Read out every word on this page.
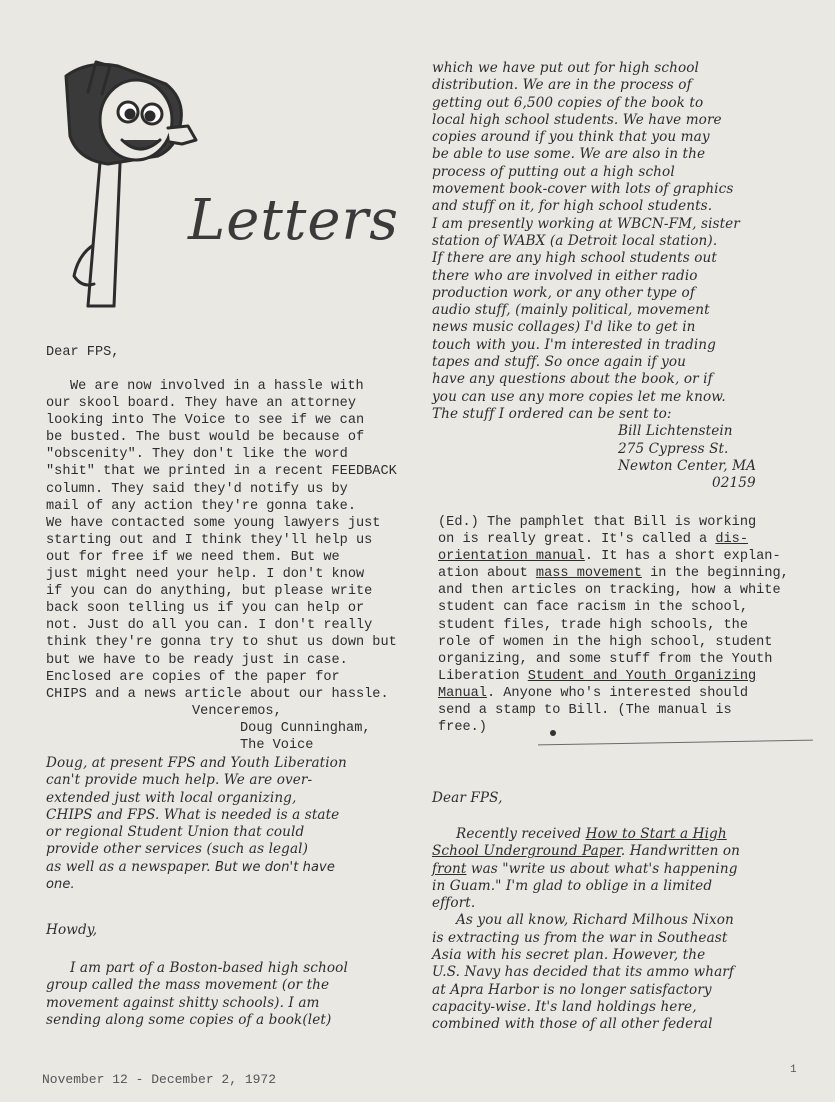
Letters

Dear FPS,

We are now involved in a hassle with

our skool board. They have an attorney

looking into The Voice to see if we can

be busted. The bust would be because of

"obscenity". They don't like the word

"shit" that we printed in a recent FEEDBACK

column. They said they'd notify us by

mail of any action they're gonna take.

We have contacted some young lawyers just

starting out and I think they'll help us

out for free if we need them. But we

just might need your help. I don't know

if you can do anything, but please write

back soon telling us if you can help or

not. Just do all you can. I don't really

think they're gonna try to shut us down but

but we have to be ready just in case.

Enclosed are copies of the paper for

CHIPS and a news article about our hassle.

Venceremos,

Doug Cunningham,

The Voice

Doug, at present FPS and Youth Liberation

can't provide much help. We are over-

extended just with local organizing,

CHIPS and FPS. What is needed is a state

or regional Student Union that could

provide other services (such as legal)

as well as a newspaper. But we don't have

one.

Howdy,

I am part of a Boston-based high school

group called the mass movement (or the

movement against shitty schools). I am

sending along some copies of a book(let)

which we have put out for high school

distribution. We are in the process of

getting out 6,500 copies of the book to

local high school students. We have more

copies around if you think that you may

be able to use some. We are also in the

process of putting out a high schol

movement book-cover with lots of graphics

and stuff on it, for high school students.

I am presently working at WBCN-FM, sister

station of WABX (a Detroit local station).

If there are any high school students out

there who are involved in either radio

production work, or any other type of

audio stuff, (mainly political, movement

news music collages) I'd like to get in

touch with you. I'm interested in trading

tapes and stuff. So once again if you

have any questions about the book, or if

you can use any more copies let me know.

The stuff I ordered can be sent to:

Bill Lichtenstein

275 Cypress St.

Newton Center, MA

02159

(Ed.) The pamphlet that Bill is working

on is really great. It's called a dis-

orientation manual. It has a short explan-

ation about mass movement in the beginning,

and then articles on tracking, how a white

student can face racism in the school,

student files, trade high schools, the

role of women in the high school, student

organizing, and some stuff from the Youth

Liberation Student and Youth Organizing

Manual. Anyone who's interested should

send a stamp to Bill. (The manual is

free.)

Dear FPS,

Recently received How to Start a High

School Underground Paper. Handwritten on

front was "write us about what's happening

in Guam." I'm glad to oblige in a limited

effort.

As you all know, Richard Milhous Nixon

is extracting us from the war in Southeast

Asia with his secret plan. However, the

U.S. Navy has decided that its ammo wharf

at Apra Harbor is no longer satisfactory

capacity-wise. It's land holdings here,

combined with those of all other federal

November 12 - December 2, 1972
1
